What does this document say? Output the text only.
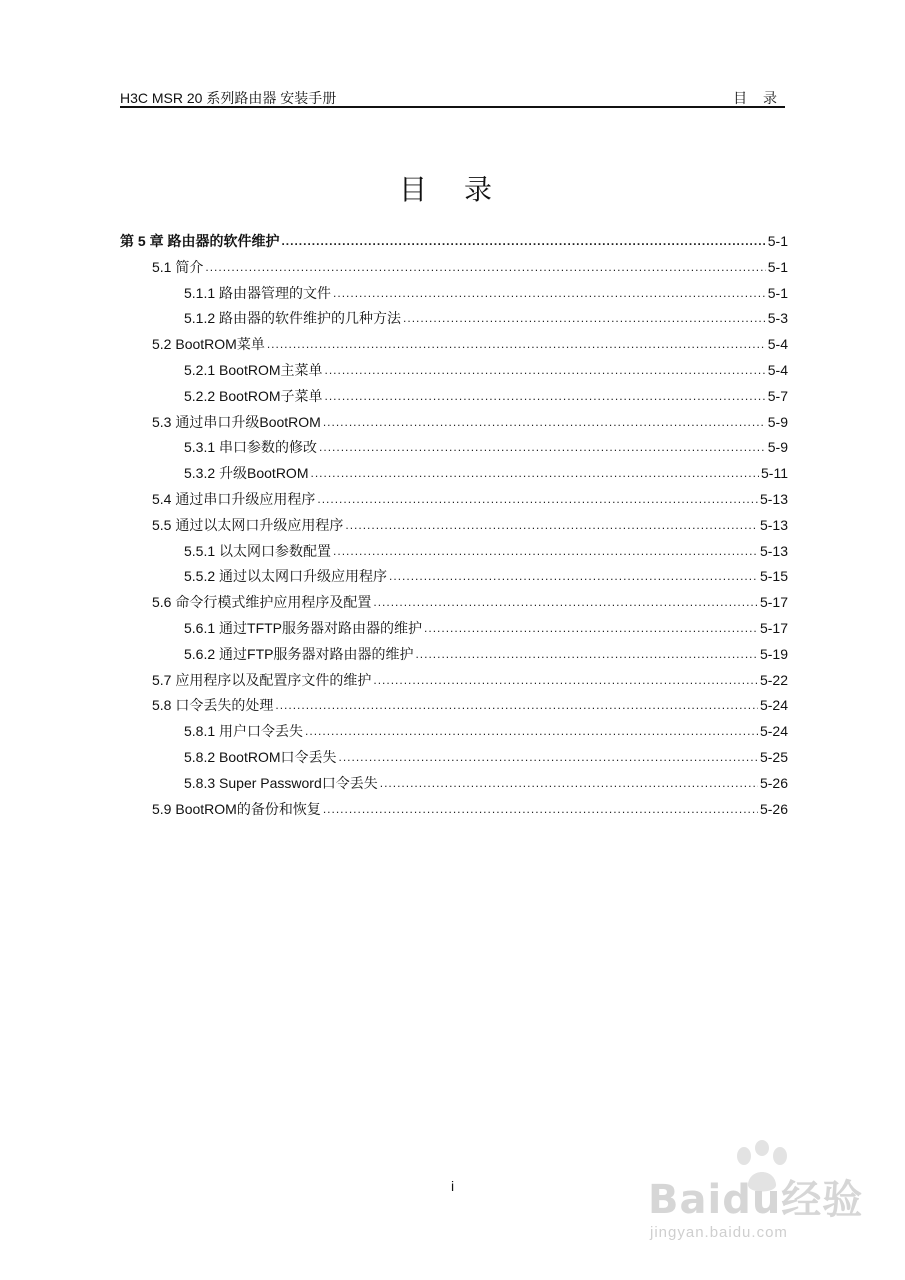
H3C MSR 20 系列路由器 安装手册	目 录
目 录
第 5 章 路由器的软件维护 .....	5-1
5.1 简介 .....	5-1
5.1.1 路由器管理的文件 .....	5-1
5.1.2 路由器的软件维护的几种方法 .....	5-3
5.2 BootROM菜单 .....	5-4
5.2.1 BootROM主菜单 .....	5-4
5.2.2 BootROM子菜单 .....	5-7
5.3 通过串口升级BootROM .....	5-9
5.3.1 串口参数的修改 .....	5-9
5.3.2 升级BootROM .....	5-11
5.4 通过串口升级应用程序 .....	5-13
5.5 通过以太网口升级应用程序 .....	5-13
5.5.1 以太网口参数配置 .....	5-13
5.5.2 通过以太网口升级应用程序 .....	5-15
5.6 命令行模式维护应用程序及配置 .....	5-17
5.6.1 通过TFTP服务器对路由器的维护 .....	5-17
5.6.2 通过FTP服务器对路由器的维护 .....	5-19
5.7 应用程序以及配置序文件的维护 .....	5-22
5.8 口令丢失的处理 .....	5-24
5.8.1 用户口令丢失 .....	5-24
5.8.2 BootROM口令丢失 .....	5-25
5.8.3 Super Password口令丢失 .....	5-26
5.9 BootROM的备份和恢复 .....	5-26
i	Baidu经验
jingyan.baidu.com
